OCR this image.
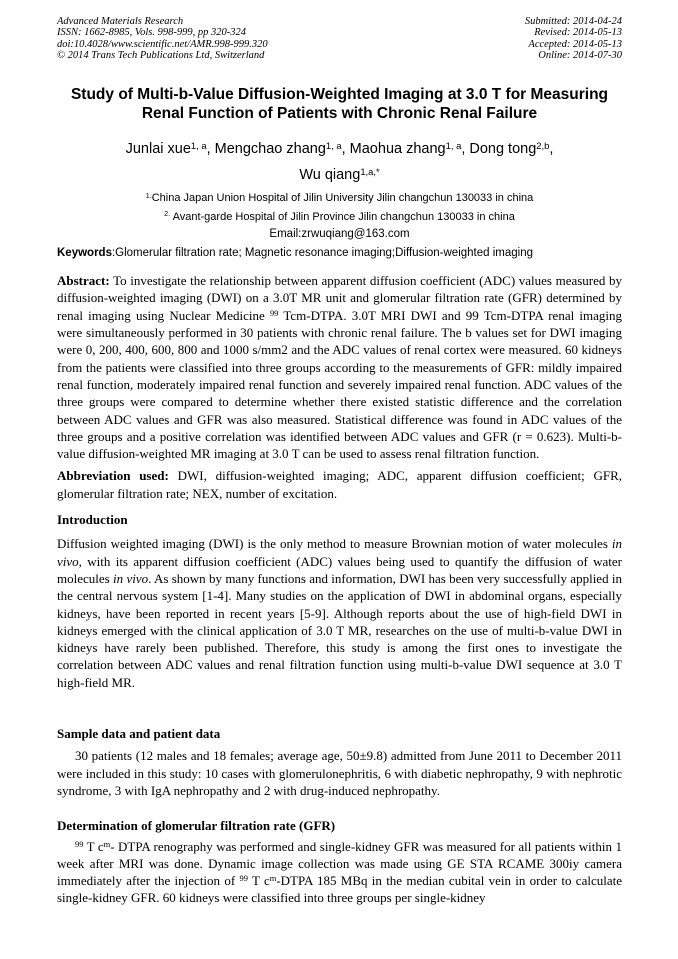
Advanced Materials Research
ISSN: 1662-8985, Vols. 998-999, pp 320-324
doi:10.4028/www.scientific.net/AMR.998-999.320
© 2014 Trans Tech Publications Ltd, Switzerland
Submitted: 2014-04-24
Revised: 2014-05-13
Accepted: 2014-05-13
Online: 2014-07-30
Study of Multi-b-Value Diffusion-Weighted Imaging at 3.0 T for Measuring
Renal Function of Patients with Chronic Renal Failure
Junlai xue$^{1, a}$, Mengchao zhang$^{1, a}$, Maohua zhang$^{1, a}$, Dong tong$^{2,b}$,
Wu qiang$^{1,a,*}$
$^{1.}$China Japan Union Hospital of Jilin University Jilin changchun 130033 in china
$^{2.}$ Avant-garde Hospital of Jilin Province Jilin changchun 130033 in china
Email:zrwuqiang@163.com
Keywords:Glomerular filtration rate; Magnetic resonance imaging;Diffusion-weighted imaging
Abstract: To investigate the relationship between apparent diffusion coefficient (ADC) values measured by diffusion-weighted imaging (DWI) on a 3.0T MR unit and glomerular filtration rate (GFR) determined by renal imaging using Nuclear Medicine $^{99}$ Tcm-DTPA. 3.0T MRI DWI and 99 Tcm-DTPA renal imaging were simultaneously performed in 30 patients with chronic renal failure. The b values set for DWI imaging were 0, 200, 400, 600, 800 and 1000 s/mm2 and the ADC values of renal cortex were measured. 60 kidneys from the patients were classified into three groups according to the measurements of GFR: mildly impaired renal function, moderately impaired renal function and severely impaired renal function. ADC values of the three groups were compared to determine whether there existed statistic difference and the correlation between ADC values and GFR was also measured. Statistical difference was found in ADC values of the three groups and a positive correlation was identified between ADC values and GFR (r = 0.623). Multi-b-value diffusion-weighted MR imaging at 3.0 T can be used to assess renal filtration function.
Abbreviation used: DWI, diffusion-weighted imaging; ADC, apparent diffusion coefficient; GFR, glomerular filtration rate; NEX, number of excitation.
Introduction
Diffusion weighted imaging (DWI) is the only method to measure Brownian motion of water molecules in vivo, with its apparent diffusion coefficient (ADC) values being used to quantify the diffusion of water molecules in vivo. As shown by many functions and information, DWI has been very successfully applied in the central nervous system [1-4]. Many studies on the application of DWI in abdominal organs, especially kidneys, have been reported in recent years [5-9]. Although reports about the use of high-field DWI in kidneys emerged with the clinical application of 3.0 T MR, researches on the use of multi-b-value DWI in kidneys have rarely been published. Therefore, this study is among the first ones to investigate the correlation between ADC values and renal filtration function using multi-b-value DWI sequence at 3.0 T high-field MR.
Sample data and patient data
30 patients (12 males and 18 females; average age, 50±9.8) admitted from June 2011 to December 2011 were included in this study: 10 cases with glomerulonephritis, 6 with diabetic nephropathy, 9 with nephrotic syndrome, 3 with IgA nephropathy and 2 with drug-induced nephropathy.
Determination of glomerular filtration rate (GFR)
$^{99}$ T $c^m-$ DTPA renography was performed and single-kidney GFR was measured for all patients within 1 week after MRI was done. Dynamic image collection was made using GE STA RCAME 300iy camera immediately after the injection of $^{99}$ T $c^m$-DTPA 185 MBq in the median cubital vein in order to calculate single-kidney GFR. 60 kidneys were classified into three groups per single-kidney
